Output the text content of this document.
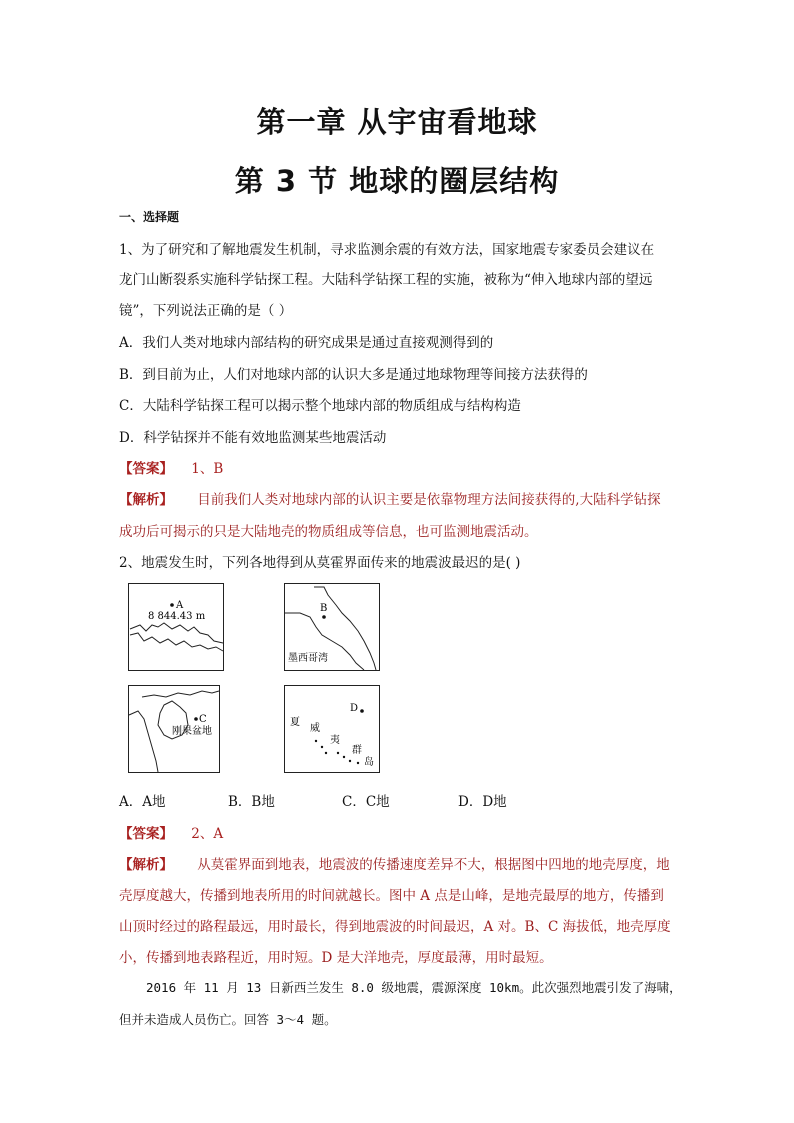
第一章 从宇宙看地球
第 3 节 地球的圈层结构
一、选择题
1、为了研究和了解地震发生机制，寻求监测余震的有效方法，国家地震专家委员会建议在
龙门山断裂系实施科学钻探工程。大陆科学钻探工程的实施，被称为“伸入地球内部的望远
镜”，下列说法正确的是（ ）
A．我们人类对地球内部结构的研究成果是通过直接观测得到的
B．到目前为止，人们对地球内部的认识大多是通过地球物理等间接方法获得的
C．大陆科学钻探工程可以揭示整个地球内部的物质组成与结构构造
D．科学钻探并不能有效地监测某些地震活动
【答案】 1、B
【解析】 目前我们人类对地球内部的认识主要是依靠物理方法间接获得的,大陆科学钻探
成功后可揭示的只是大陆地壳的物质组成等信息，也可监测地震活动。
2、地震发生时，下列各地得到从莫霍界面传来的地震波最迟的是( )
A
8 844.43 m
B
墨西哥湾
C
刚果盆地
D
夏
威
夷
群
岛
A．A地	B．B地	C．C地	D．D地
【答案】 2、A
【解析】 从莫霍界面到地表，地震波的传播速度差异不大，根据图中四地的地壳厚度，地
壳厚度越大，传播到地表所用的时间就越长。图中 A 点是山峰，是地壳最厚的地方，传播到
山顶时经过的路程最远，用时最长，得到地震波的时间最迟，A 对。B、C 海拔低，地壳厚度
小，传播到地表路程近，用时短。D 是大洋地壳，厚度最薄，用时最短。
2016 年 11 月 13 日新西兰发生 8.0 级地震，震源深度 10km。此次强烈地震引发了海啸，
但并未造成人员伤亡。回答 3～4 题。
